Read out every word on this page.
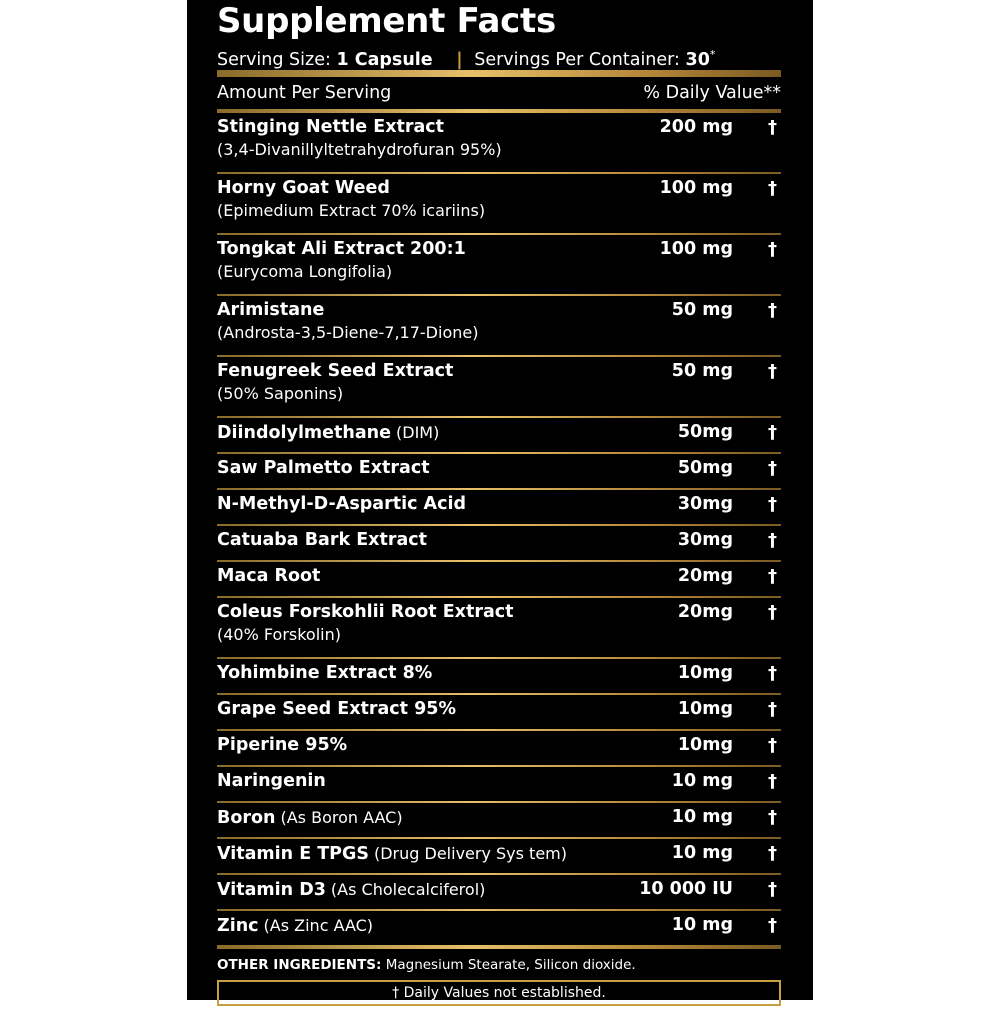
Supplement Facts
Serving Size: 1 Capsule | Servings Per Container: 30*
Amount Per Serving	% Daily Value**
Stinging Nettle Extract
(3,4-Divanillyltetrahydrofuran 95%)
200 mg	†
Horny Goat Weed
(Epimedium Extract 70% icariins)
100 mg	†
Tongkat Ali Extract 200:1
(Eurycoma Longifolia)
100 mg	†
Arimistane
(Androsta-3,5-Diene-7,17-Dione)
50 mg	†
Fenugreek Seed Extract
(50% Saponins)
50 mg	†
Diindolylmethane (DIM)	50mg	†
Saw Palmetto Extract	50mg	†
N-Methyl-D-Aspartic Acid	30mg	†
Catuaba Bark Extract	30mg	†
Maca Root	20mg	†
Coleus Forskohlii Root Extract
(40% Forskolin)
20mg	†
Yohimbine Extract 8%	10mg	†
Grape Seed Extract 95%	10mg	†
Piperine 95%	10mg	†
Naringenin	10 mg	†
Boron (As Boron AAC)	10 mg	†
Vitamin E TPGS (Drug Delivery Sys tem)	10 mg	†
Vitamin D3 (As Cholecalciferol)	10 000 IU	†
Zinc (As Zinc AAC)	10 mg	†
OTHER INGREDIENTS: Magnesium Stearate, Silicon dioxide.
† Daily Values not established.
** Percent Daily Values are based on a 2,000 calorie diet.
